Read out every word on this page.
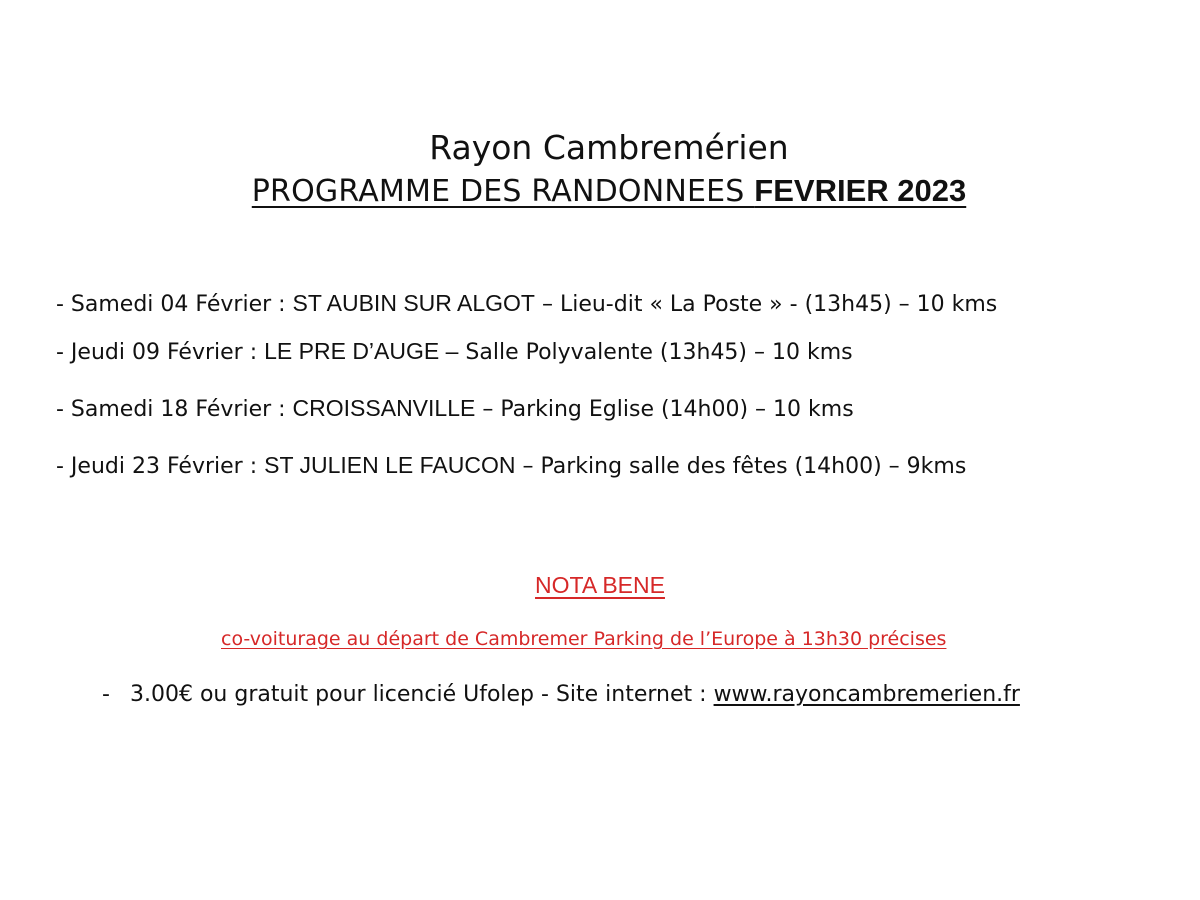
Rayon Cambremérien
PROGRAMME DES RANDONNEES FEVRIER 2023
- Samedi 04 Février : ST AUBIN SUR ALGOT – Lieu-dit « La Poste » - (13h45) – 10 kms
- Jeudi 09 Février : LE PRE D’AUGE – Salle Polyvalente (13h45) – 10 kms
- Samedi 18 Février : CROISSANVILLE – Parking Eglise (14h00) – 10 kms
- Jeudi 23 Février : ST JULIEN LE FAUCON – Parking salle des fêtes (14h00) – 9kms
NOTA BENE
co-voiturage au départ de Cambremer Parking de l’Europe à 13h30 précises
- 3.00€ ou gratuit pour licencié Ufolep - Site internet : www.rayoncambremerien.fr
